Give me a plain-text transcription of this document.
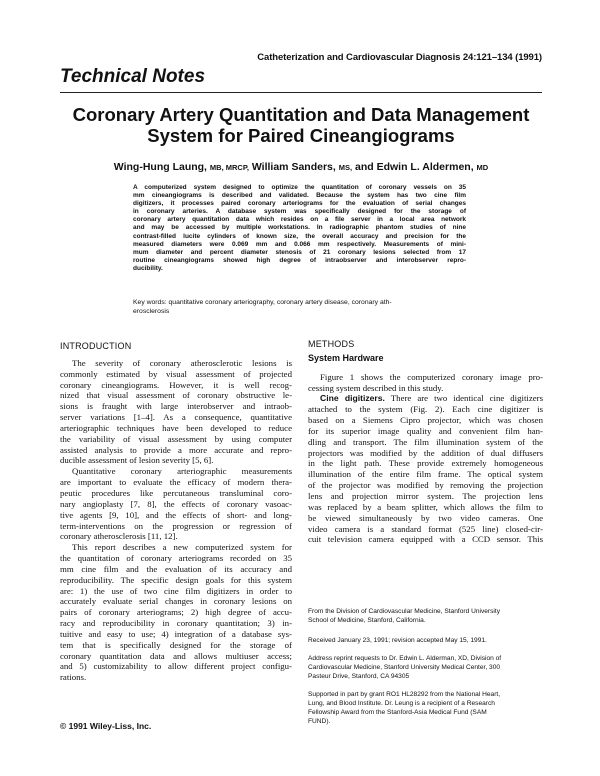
Catheterization and Cardiovascular Diagnosis 24:121–134 (1991)
Technical Notes
Coronary Artery Quantitation and Data Management
System for Paired Cineangiograms
Wing-Hung Laung, MB, MRCP, William Sanders, MS, and Edwin L. Aldermen, MD
A computerized system designed to optimize the quantitation of coronary vessels on 35
mm cineangiograms is described and validated. Because the system has two cine film
digitizers, it processes paired coronary arteriograms for the evaluation of serial changes
in coronary arteries. A database system was specifically designed for the storage of
coronary artery quantitation data which resides on a file server in a local area network
and may be accessed by multiple workstations. In radiographic phantom studies of nine
contrast-filled lucite cylinders of known size, the overall accuracy and precision for the
measured diameters were 0.069 mm and 0.066 mm respectively. Measurements of mini-
mum diameter and percent diameter stenosis of 21 coronary lesions selected from 17
routine cineangiograms showed high degree of intraobserver and interobserver repro-
ducibility.
Key words: quantitative coronary arteriography, coronary artery disease, coronary ath-
erosclerosis
INTRODUCTION
The severity of coronary atherosclerotic lesions is
commonly estimated by visual assessment of projected
coronary cineangiograms. However, it is well recog-
nized that visual assessment of coronary obstructive le-
sions is fraught with large interobserver and intraob-
server variations [1–4]. As a consequence, quantitative
arteriographic techniques have been developed to reduce
the variability of visual assessment by using computer
assisted analysis to provide a more accurate and repro-
ducible assessment of lesion severity [5, 6].
Quantitative coronary arteriographic measurements
are important to evaluate the efficacy of modern thera-
peutic procedures like percutaneous transluminal coro-
nary angioplasty [7, 8], the effects of coronary vasoac-
tive agents [9, 10], and the effects of short- and long-
term-interventions on the progression or regression of
coronary atherosclerosis [11, 12].
This report describes a new computerized system for
the quantitation of coronary arteriograms recorded on 35
mm cine film and the evaluation of its accuracy and
reproducibility. The specific design goals for this system
are: 1) the use of two cine film digitizers in order to
accurately evaluate serial changes in coronary lesions on
pairs of coronary arteriograms; 2) high degree of accu-
racy and reproducibility in coronary quantitation; 3) in-
tuitive and easy to use; 4) integration of a database sys-
tem that is specifically designed for the storage of
coronary quantitation data and allows multiuser access;
and 5) customizability to allow different project configu-
rations.
METHODS
System Hardware
Figure 1 shows the computerized coronary image pro-
cessing system described in this study.
Cine digitizers. There are two identical cine digitizers
attached to the system (Fig. 2). Each cine digitizer is
based on a Siemens Cipro projector, which was chosen
for its superior image quality and convenient film han-
dling and transport. The film illumination system of the
projectors was modified by the addition of dual diffusers
in the light path. These provide extremely homogeneous
illumination of the entire film frame. The optical system
of the projector was modified by removing the projection
lens and projection mirror system. The projection lens
was replaced by a beam splitter, which allows the film to
be viewed simultaneously by two video cameras. One
video camera is a standard format (525 line) closed-cir-
cuit television camera equipped with a CCD sensor. This
From the Division of Cardiovascular Medicine, Stanford University
School of Medicine, Stanford, California.
Received January 23, 1991; revision accepted May 15, 1991.
Address reprint requests to Dr. Edwin L. Alderman, XD, Division of
Cardiovascular Medicine, Stanford University Medical Center, 300
Pasteur Drive, Stanford, CA 94305
Supported in part by grant RO1 HL28292 from the National Heart,
Lung, and Blood Institute. Dr. Leung is a recipient of a Research
Fellowship Award from the Stanford-Asia Medical Fund (SAM
FUND).
© 1991 Wiley-Liss, Inc.
